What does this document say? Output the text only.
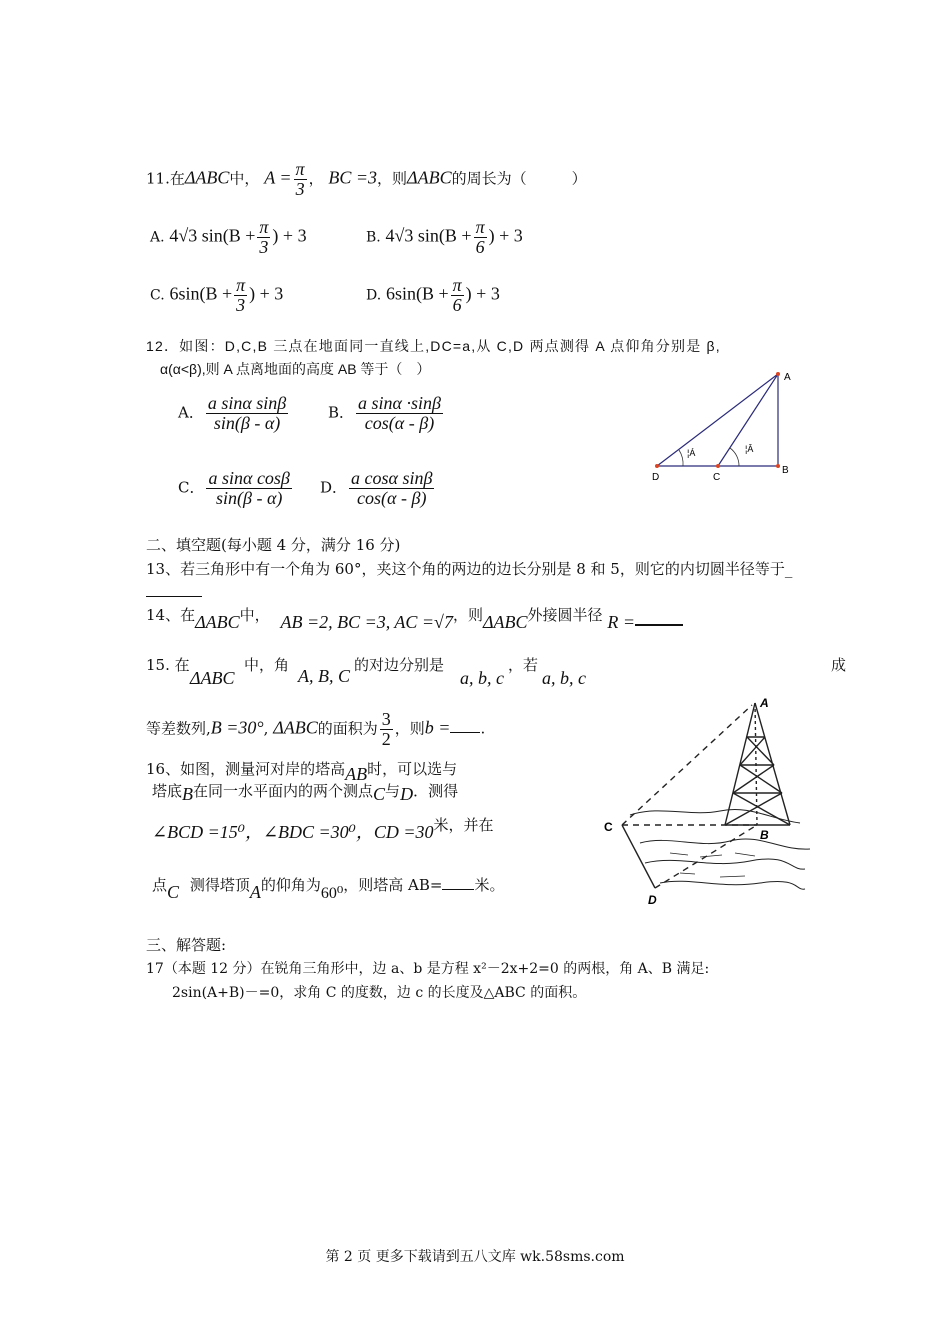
11.在ΔABC中， $A = \frac{\pi}{3}$ ， BC =3，则ΔABC的周长为（　　　）
A. 4√3 $\sin(B + \frac{\pi}{3}$ ) + 3	B. 4√3 $\sin(B + \frac{\pi}{6}$ ) + 3
C. $6\sin(B + \frac{\pi}{3}$ ) + 3	D. $6\sin(B + \frac{\pi}{6}$ ) + 3
12．如图：D,C,B 三点在地面同一直线上,DC=a,从 C,D 两点测得 A 点仰角分别是 β,
α(α<β),则 A 点离地面的高度 AB 等于（　）
A． $\frac{\text{a sinα sinβ}}{\sin(\beta - \alpha)}$	B． $\frac{\text{a sinα ·sinβ}}{\cos(\alpha - \beta)}$
C． $\frac{\text{a sinα cosβ}}{\sin(\beta - \alpha)}$ D． $\frac{\text{a cosα sinβ}}{\cos(\alpha - \beta)}$
A
B
C
D
¦Á	¦Â
二、填空题(每小题 4 分，满分 16 分)
13、若三角形中有一个角为 60°，夹这个角的两边的边长分别是 8 和 5，则它的内切圆半径等于_
14、在ΔABC中， AB =2, BC =3, AC =√7，则ΔABC外接圆半径 R =
15. 在
ΔABC
中，角
A, B, C
的对边分别是
a, b, c
，若
a, b, c
成
等差数列,B =30°, ΔABC的面积为 $\frac{3}{2}$ ，则b = .
16、如图，测量河对岸的塔高AB时，可以选与
塔底B在同一水平面内的两个测点C与D．测得
∠BCD =15⁰，∠BDC =30⁰，CD =30米，并在
点C 测得塔顶A的仰角为60⁰，则塔高 AB= 米。
A
B
C
D
三、解答题:
17（本题 12 分）在锐角三角形中，边 a、b 是方程 x²－2x+2=0 的两根，角 A、B 满足:
2sin(A+B)－=0，求角 C 的度数，边 c 的长度及△ABC 的面积。
第 2 页 更多下载请到五八文库 wk.58sms.com
